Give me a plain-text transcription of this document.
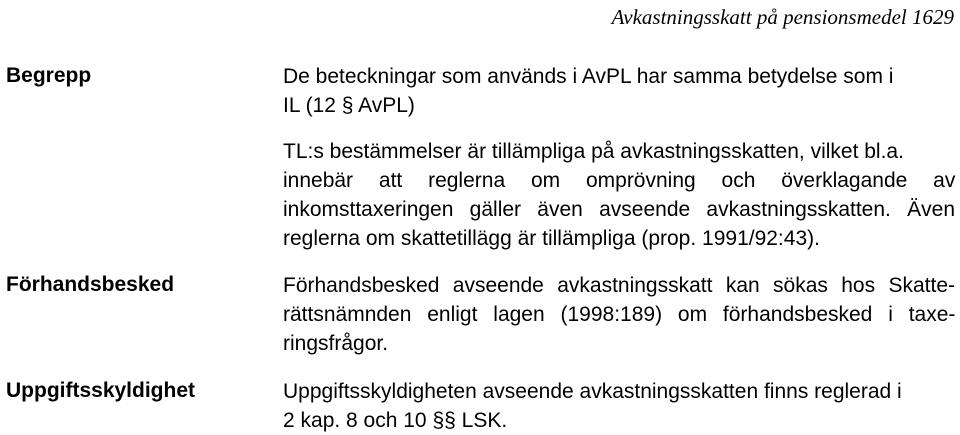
Avkastningsskatt på pensionsmedel 1629
Begrepp	De beteckningar som används i AvPL har samma betydelse som i
IL (12 § AvPL)
TL:s bestämmelser är tillämpliga på avkastningsskatten, vilket bl.a.
innebär att reglerna om omprövning och överklagande av
inkomsttaxeringen gäller även avseende avkastningsskatten. Även
reglerna om skattetillägg är tillämpliga (prop. 1991/92:43).
Förhandsbesked	Förhandsbesked avseende avkastningsskatt kan sökas hos Skatte-
rättsnämnden enligt lagen (1998:189) om förhandsbesked i taxe-
ringsfrågor.
Uppgiftsskyldighet	Uppgiftsskyldigheten avseende avkastningsskatten finns reglerad i
2 kap. 8 och 10 §§ LSK.
